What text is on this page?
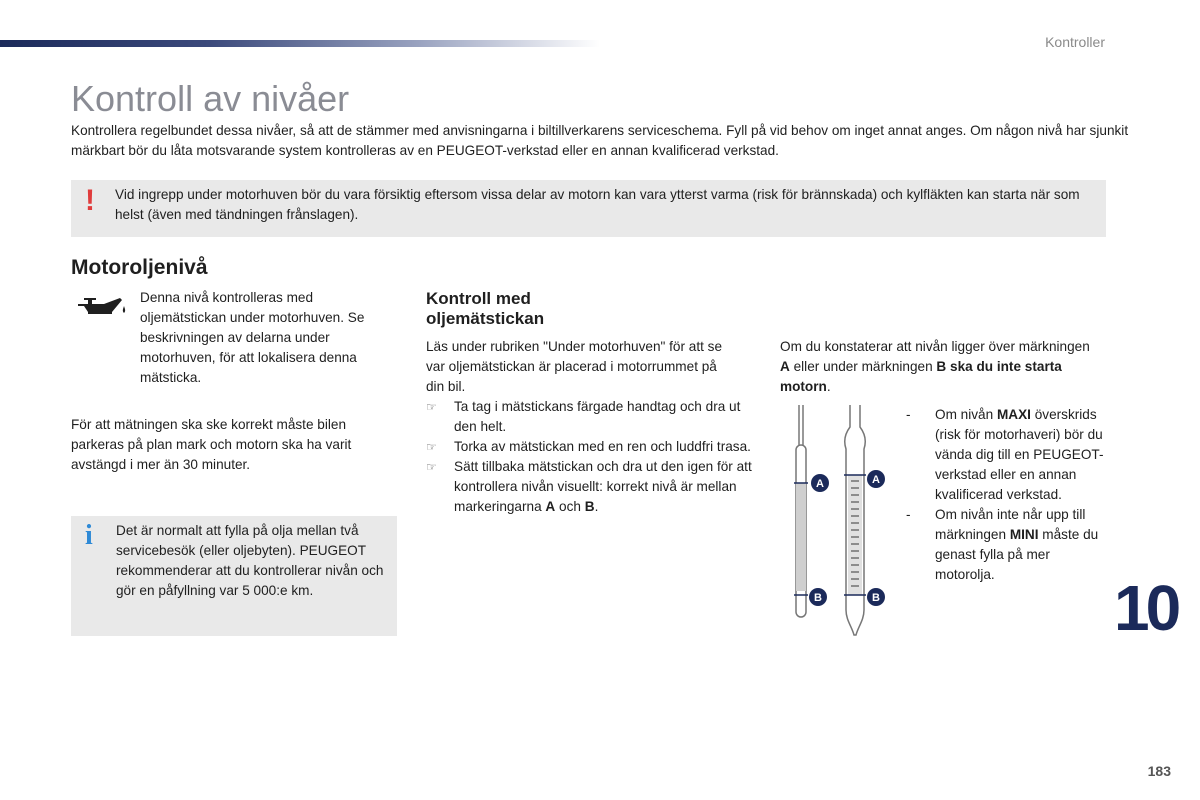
Kontroller
Kontroll av nivåer

Kontrollera regelbundet dessa nivåer, så att de stämmer med anvisningarna i biltillverkarens serviceschema. Fyll på vid behov om inget annat anges. Om någon nivå har sjunkit märkbart bör du låta motsvarande system kontrolleras av en PEUGEOT-verkstad eller en annan kvalificerad verkstad.

! Vid ingrepp under motorhuven bör du vara försiktig eftersom vissa delar av motorn kan vara ytterst varma (risk för brännskada) och kylfläkten kan starta när som helst (även med tändningen frånslagen).
Motoroljenivå

Denna nivå kontrolleras med oljemätstickan under motorhuven. Se beskrivningen av delarna under motorhuven, för att lokalisera denna mätsticka.

För att mätningen ska ske korrekt måste bilen parkeras på plan mark och motorn ska ha varit avstängd i mer än 30 minuter.

i Det är normalt att fylla på olja mellan två servicebesök (eller oljebyten). PEUGEOT rekommenderar att du kontrollerar nivån och gör en påfyllning var 5 000:e km.
Kontroll med oljemätstickan

Läs under rubriken "Under motorhuven" för att se var oljemätstickan är placerad i motorrummet på din bil.

☞ Ta tag i mätstickans färgade handtag och dra ut den helt.
☞ Torka av mätstickan med en ren och luddfri trasa.
☞ Sätt tillbaka mätstickan och dra ut den igen för att kontrollera nivån visuellt: korrekt nivå är mellan markeringarna A och B.

Om du konstaterar att nivån ligger över märkningen A eller under märkningen B ska du inte starta motorn.

A	A
B	B
- Om nivån MAXI överskrids (risk för motorhaveri) bör du vända dig till en PEUGEOT-verkstad eller en annan kvalificerad verkstad.
- Om nivån inte når upp till märkningen MINI måste du genast fylla på mer motorolja.	10
183
